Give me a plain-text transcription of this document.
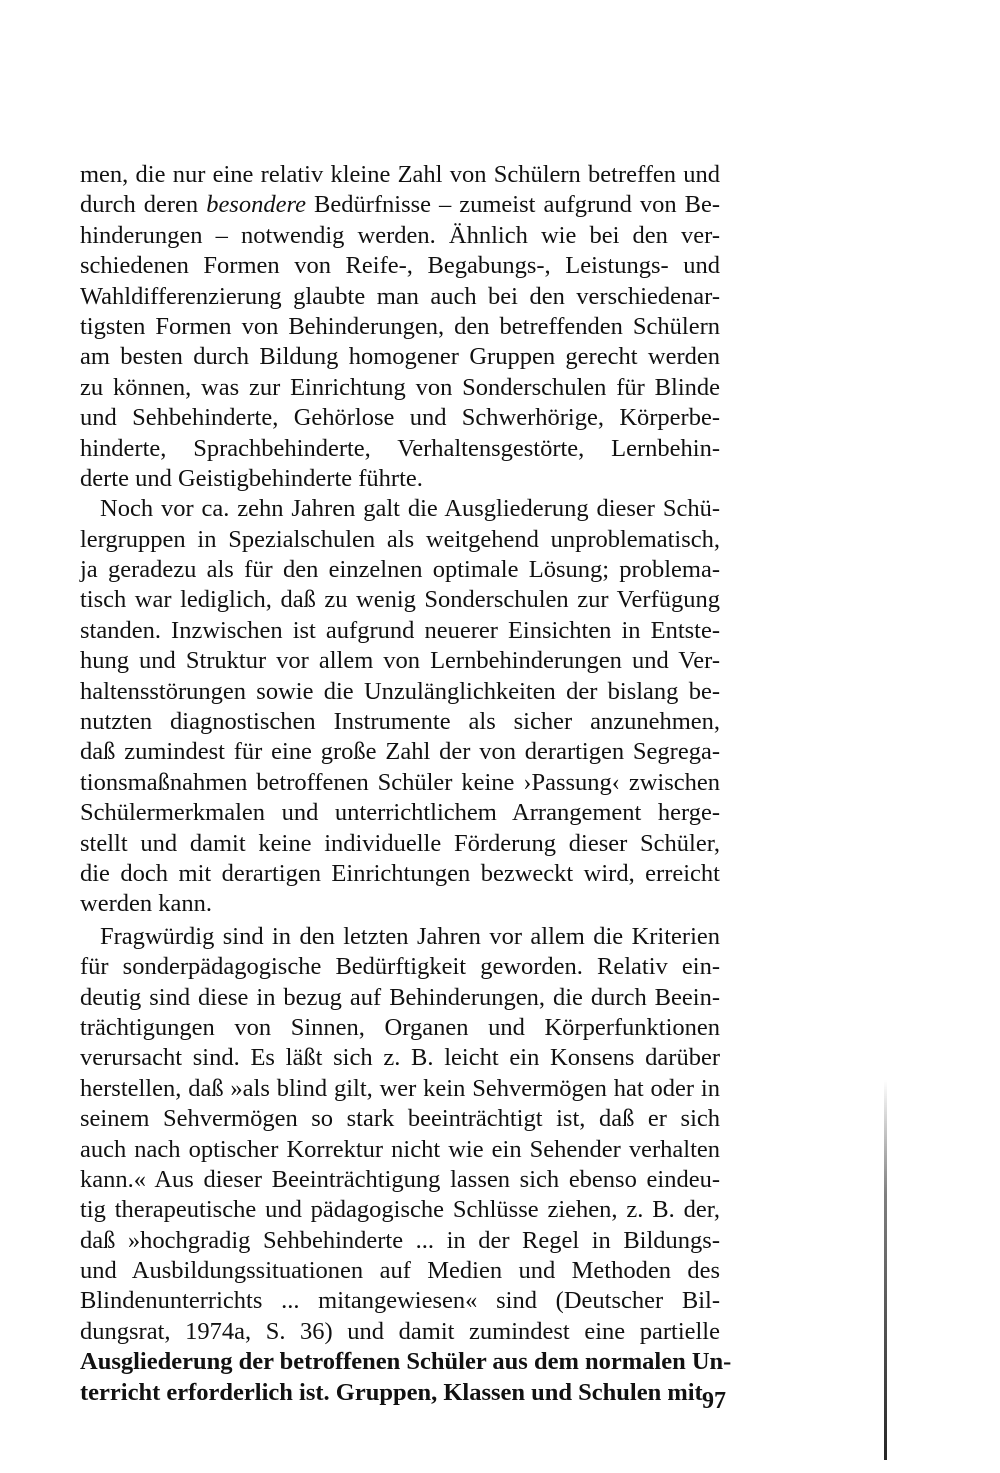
men, die nur eine relativ kleine Zahl von Schülern betreffen und
durch deren besondere Bedürfnisse – zumeist aufgrund von Be-
hinderungen – notwendig werden. Ähnlich wie bei den ver-
schiedenen Formen von Reife-, Begabungs-, Leistungs- und
Wahldifferenzierung glaubte man auch bei den verschiedenar-
tigsten Formen von Behinderungen, den betreffenden Schülern
am besten durch Bildung homogener Gruppen gerecht werden
zu können, was zur Einrichtung von Sonderschulen für Blinde
und Sehbehinderte, Gehörlose und Schwerhörige, Körperbe-
hinderte, Sprachbehinderte, Verhaltensgestörte, Lernbehin-
derte und Geistigbehinderte führte.
Noch vor ca. zehn Jahren galt die Ausgliederung dieser Schü-
lergruppen in Spezialschulen als weitgehend unproblematisch,
ja geradezu als für den einzelnen optimale Lösung; problema-
tisch war lediglich, daß zu wenig Sonderschulen zur Verfügung
standen. Inzwischen ist aufgrund neuerer Einsichten in Entste-
hung und Struktur vor allem von Lernbehinderungen und Ver-
haltensstörungen sowie die Unzulänglichkeiten der bislang be-
nutzten diagnostischen Instrumente als sicher anzunehmen,
daß zumindest für eine große Zahl der von derartigen Segrega-
tionsmaßnahmen betroffenen Schüler keine ›Passung‹ zwischen
Schülermerkmalen und unterrichtlichem Arrangement herge-
stellt und damit keine individuelle Förderung dieser Schüler,
die doch mit derartigen Einrichtungen bezweckt wird, erreicht
werden kann.
Fragwürdig sind in den letzten Jahren vor allem die Kriterien
für sonderpädagogische Bedürftigkeit geworden. Relativ ein-
deutig sind diese in bezug auf Behinderungen, die durch Beein-
trächtigungen von Sinnen, Organen und Körperfunktionen
verursacht sind. Es läßt sich z. B. leicht ein Konsens darüber
herstellen, daß »als blind gilt, wer kein Sehvermögen hat oder in
seinem Sehvermögen so stark beeinträchtigt ist, daß er sich
auch nach optischer Korrektur nicht wie ein Sehender verhalten
kann.« Aus dieser Beeinträchtigung lassen sich ebenso eindeu-
tig therapeutische und pädagogische Schlüsse ziehen, z. B. der,
daß »hochgradig Sehbehinderte ... in der Regel in Bildungs-
und Ausbildungssituationen auf Medien und Methoden des
Blindenunterrichts ... mitangewiesen« sind (Deutscher Bil-
dungsrat, 1974a, S. 36) und damit zumindest eine partielle
Ausgliederung der betroffenen Schüler aus dem normalen Un-
terricht erforderlich ist. Gruppen, Klassen und Schulen mit 97
